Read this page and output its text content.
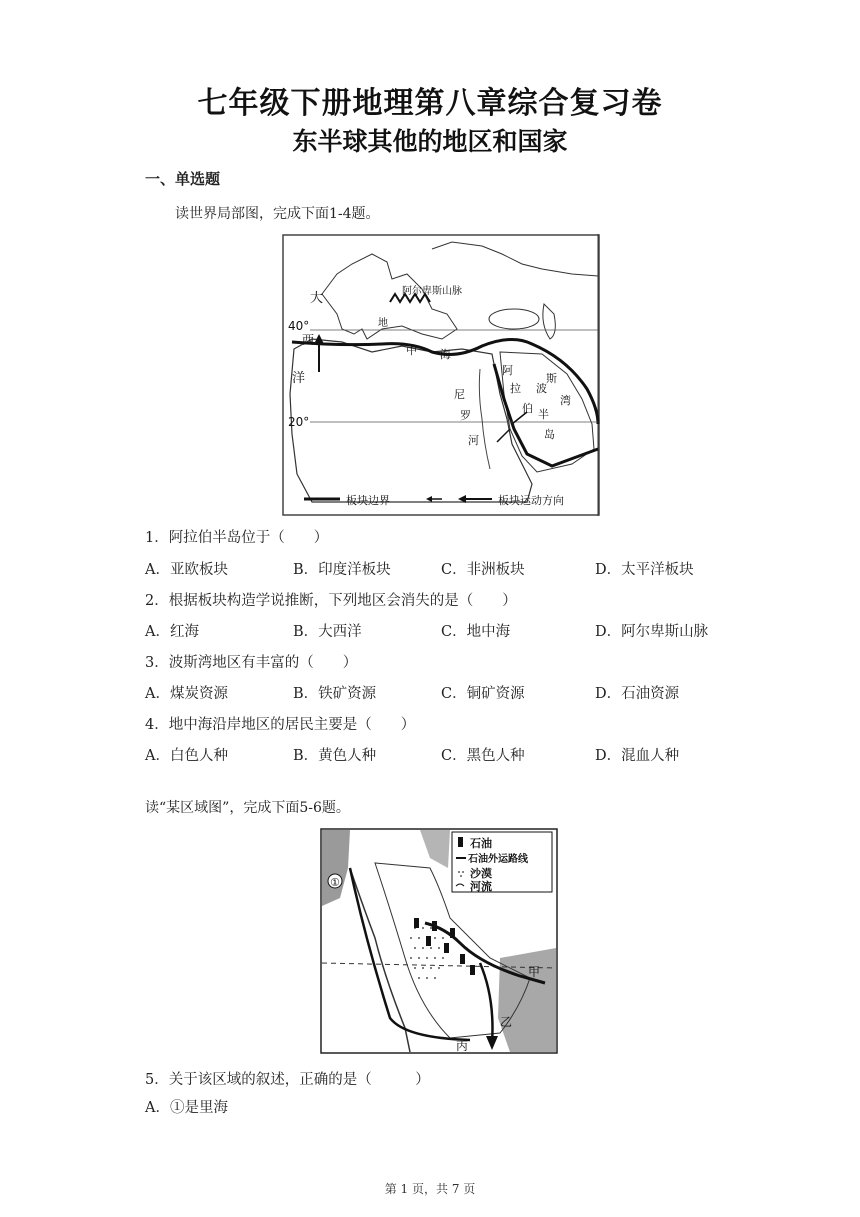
七年级下册地理第八章综合复习卷
东半球其他的地区和国家
一、单选题
读世界局部图，完成下面1-4题。
阿尔卑斯山脉
大
40°
西
洋
20°
地
中 海
阿
拉
伯
波
斯
湾
半
岛
尼
罗
河
板块边界	板块运动方向
1．阿拉伯半岛位于（　　）
A．亚欧板块	B．印度洋板块	C．非洲板块	D．太平洋板块
2．根据板块构造学说推断，下列地区会消失的是（　　）
A．红海	B．大西洋	C．地中海	D．阿尔卑斯山脉
3．波斯湾地区有丰富的（　　）
A．煤炭资源	B．铁矿资源	C．铜矿资源	D．石油资源
4．地中海沿岸地区的居民主要是（　　）
A．白色人种	B．黄色人种	C．黑色人种	D．混血人种
读“某区域图”，完成下面5-6题。
①
甲
乙
丙
石油
石油外运路线
沙漠
河流
5．关于该区域的叙述，正确的是（　　　）
A．①是里海
第 1 页，共 7 页
